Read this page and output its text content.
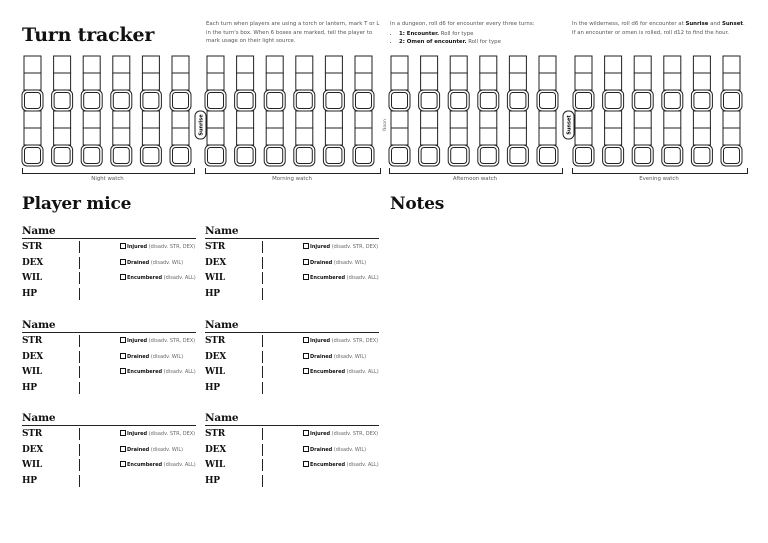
Turn tracker	Each turn when players are using a torch or lantern, mark T or L in the turn's box. When 6 boxes are marked, tell the player to mark usage on their light source.
In a dungeon, roll d6 for encounter every three turns:
• 1: Encounter. Roll for type
• 2: Omen of encounter. Roll for type
In the wilderness, roll d6 for encounter at Sunrise and Sunset.
If an encounter or omen is rolled, roll d12 to find the hour.
Sunrise	Sunset
Noon
Night watch	Morning watch	Afternoon watch	Evening watch
Player mice	Notes
Name
STR	Injured (disadv. STR, DEX)
DEX	Drained (disadv. WIL)
WIL	Encumbered (disadv. ALL)
HP
Name
STR	Injured (disadv. STR, DEX)
DEX	Drained (disadv. WIL)
WIL	Encumbered (disadv. ALL)
HP
Name
STR	Injured (disadv. STR, DEX)
DEX	Drained (disadv. WIL)
WIL	Encumbered (disadv. ALL)
HP
Name
STR	Injured (disadv. STR, DEX)
DEX	Drained (disadv. WIL)
WIL	Encumbered (disadv. ALL)
HP
Name
STR	Injured (disadv. STR, DEX)
DEX	Drained (disadv. WIL)
WIL	Encumbered (disadv. ALL)
HP
Name
STR	Injured (disadv. STR, DEX)
DEX	Drained (disadv. WIL)
WIL	Encumbered (disadv. ALL)
HP
